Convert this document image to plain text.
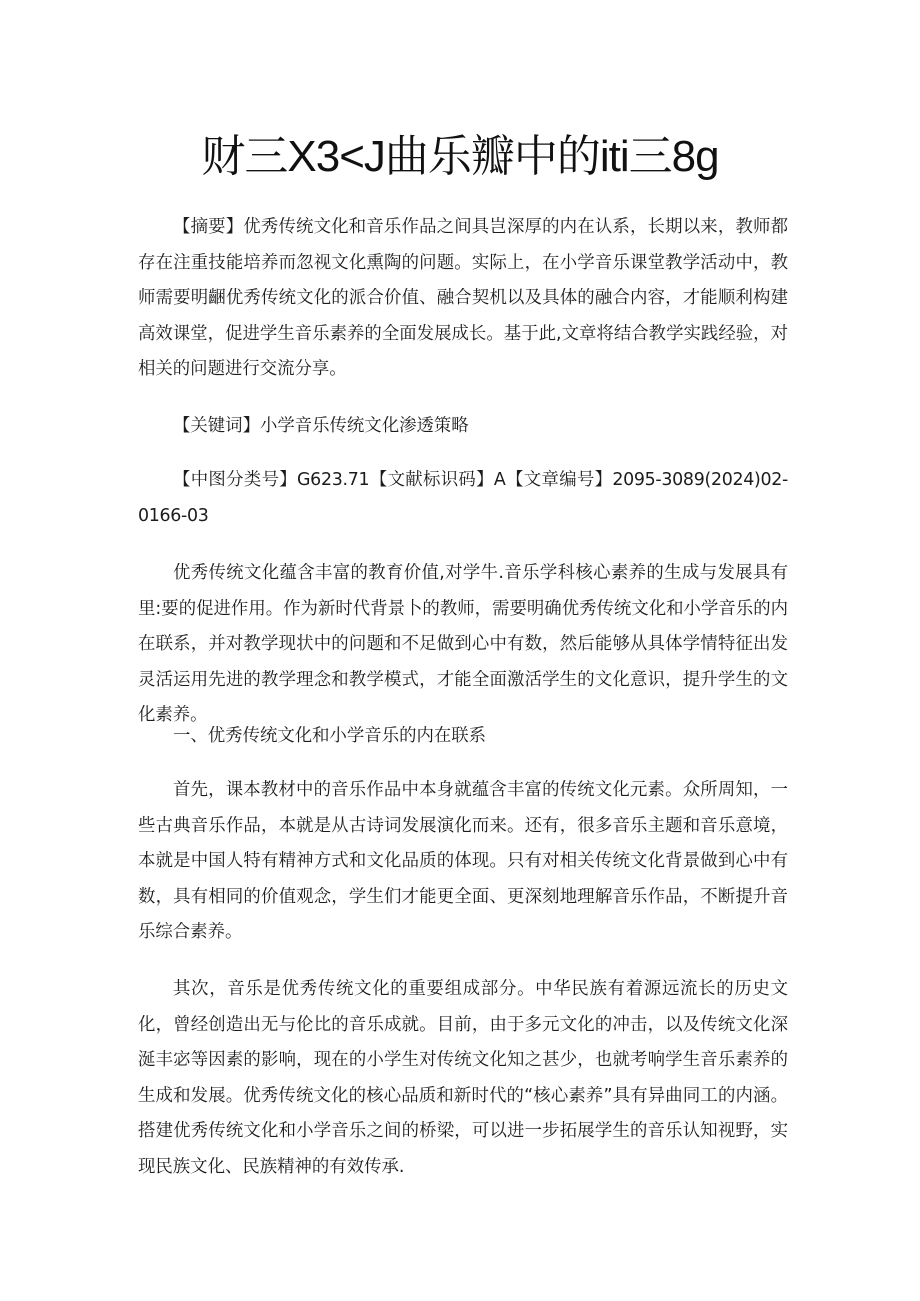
财三X3<J曲乐瓣中的iti三8g
【摘要】优秀传统文化和音乐作品之间具岂深厚的内在认系，长期以来，教师都存在注重技能培养而忽视文化熏陶的问题。实际上，在小学音乐课堂教学活动中，教师需要明齫优秀传统文化的派合价值、融合契机以及具体的融合内容，才能顺利构建高效课堂，促进学生音乐素养的全面发展成长。基于此,文章将结合教学实践经验，对相关的问题进行交流分享。
【关键词】小学音乐传统文化渗透策略
【中图分类号】G623.71【文献标识码】A【文章编号】2095-3089(2024)02-0166-03
优秀传统文化蕴含丰富的教育价值,对学牛.音乐学科核心素养的生成与发展具有里:要的促进作用。作为新时代背景卜的教师，需要明确优秀传统文化和小学音乐的内在联系，并对教学现状中的问题和不足做到心中有数，然后能够从具体学情特征出发灵活运用先进的教学理念和教学模式，才能全面激活学生的文化意识，提升学生的文化素养。
一、优秀传统文化和小学音乐的内在联系
首先，课本教材中的音乐作品中本身就蕴含丰富的传统文化元素。众所周知，一些古典音乐作品，本就是从古诗词发展演化而来。还有，很多音乐主题和音乐意境，本就是中国人特有精神方式和文化品质的体现。只有对相关传统文化背景做到心中有数，具有相同的价值观念，学生们才能更全面、更深刻地理解音乐作品，不断提升音乐综合素养。
其次，音乐是优秀传统文化的重要组成部分。中华民族有着源远流长的历史文化，曾经创造出无与伦比的音乐成就。目前，由于多元文化的冲击，以及传统文化深涎丰宓等因素的影响，现在的小学生对传统文化知之甚少，也就考响学生音乐素养的生成和发展。优秀传统文化的核心品质和新时代的“核心素养”具有异曲同工的内涵。搭建优秀传统文化和小学音乐之间的桥梁，可以进一步拓展学生的音乐认知视野，实现民族文化、民族精神的有效传承.
